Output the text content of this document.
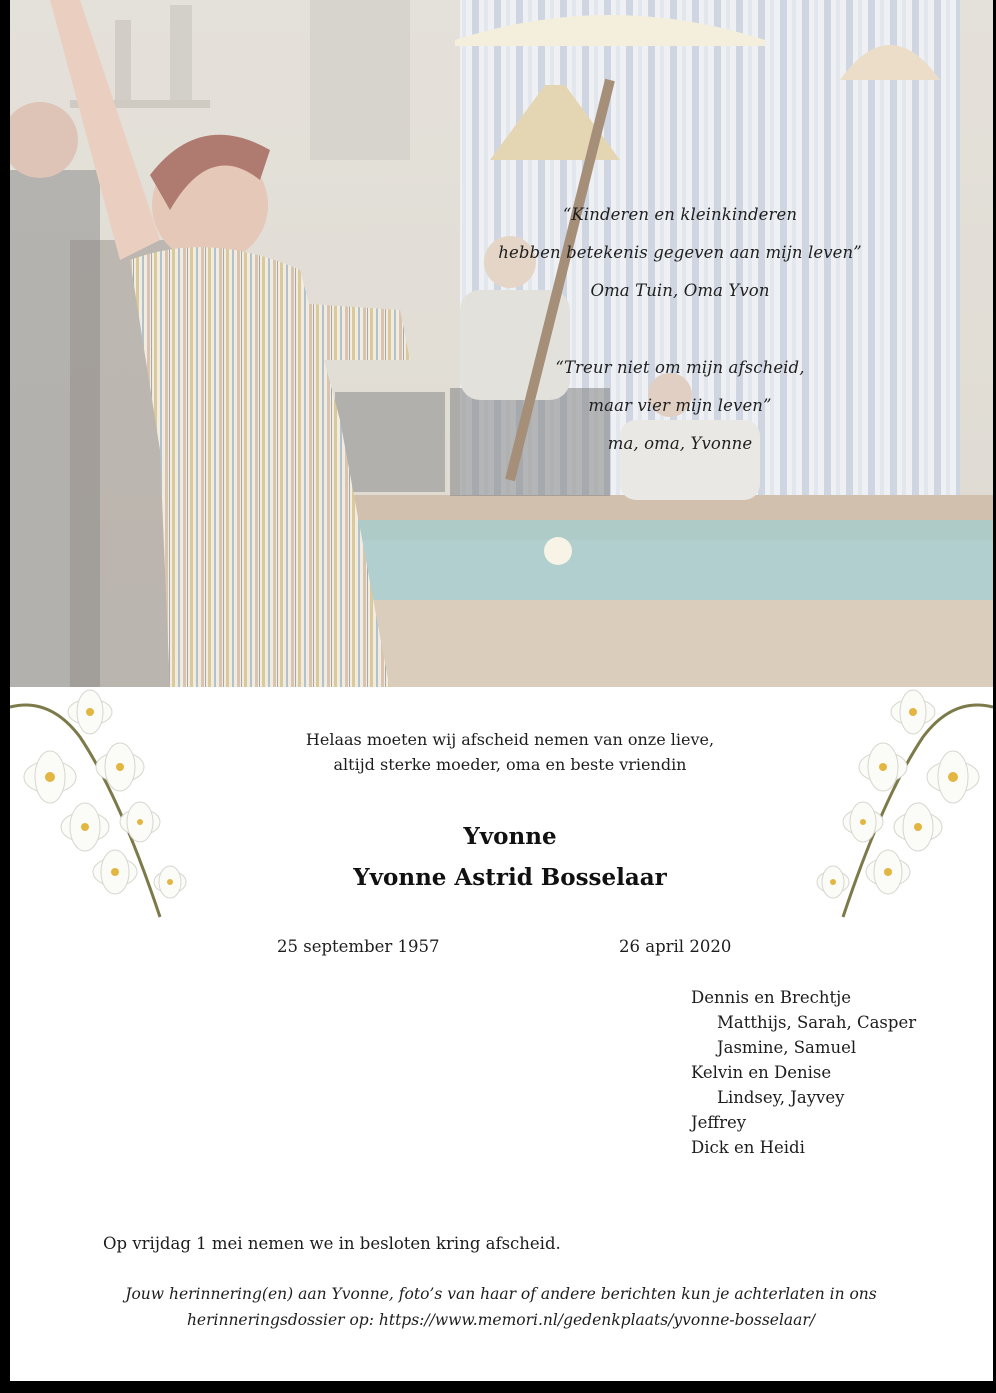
“Kinderen en kleinkinderen
hebben betekenis gegeven aan mijn leven”
Oma Tuin, Oma Yvon
“Treur niet om mijn afscheid,
maar vier mijn leven”
ma, oma, Yvonne
Helaas moeten wij afscheid nemen van onze lieve,
altijd sterke moeder, oma en beste vriendin
Yvonne
Yvonne Astrid Bosselaar
25 september 1957	26 april 2020
Dennis en Brechtje
Matthijs, Sarah, Casper
Jasmine, Samuel
Kelvin en Denise
Lindsey, Jayvey
Jeffrey
Dick en Heidi
Op vrijdag 1 mei nemen we in besloten kring afscheid.
Jouw herinnering(en) aan Yvonne, foto’s van haar of andere berichten kun je achterlaten in ons
herinneringsdossier op: https://www.memori.nl/gedenkplaats/yvonne-bosselaar/
